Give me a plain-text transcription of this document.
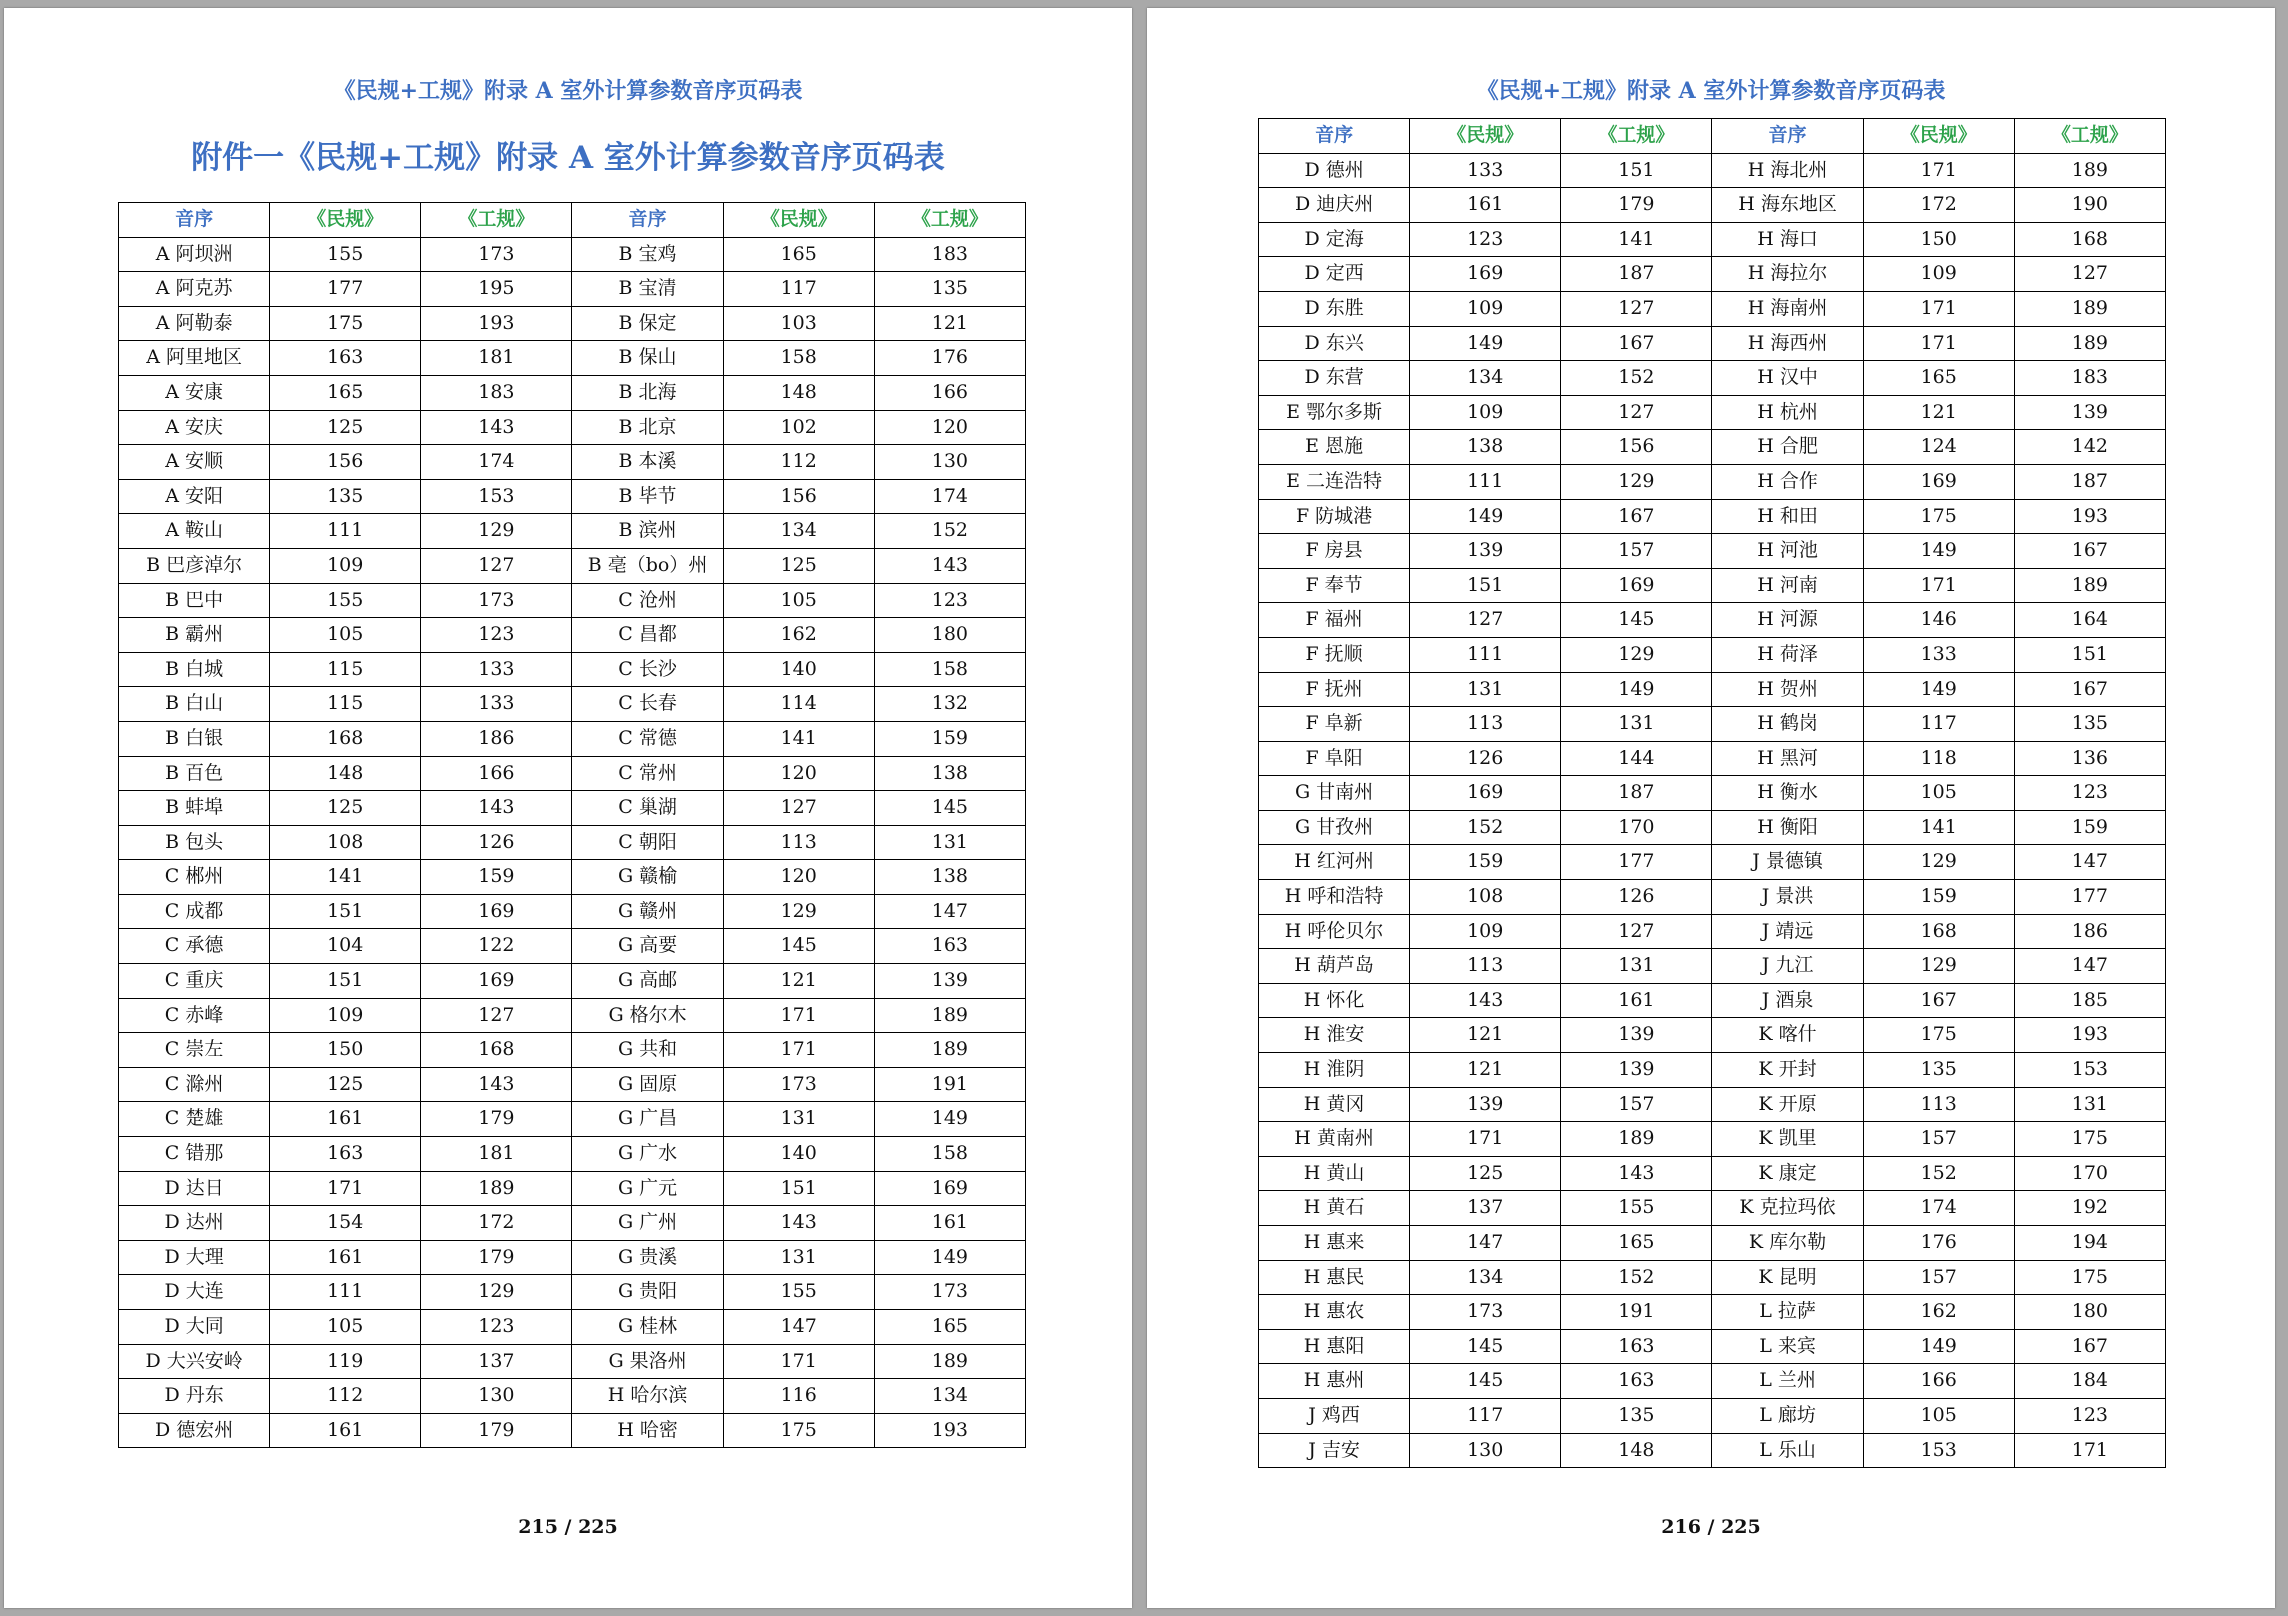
《民规+工规》附录 A 室外计算参数音序页码表
附件一《民规+工规》附录 A 室外计算参数音序页码表
音序	《民规》	《工规》	音序	《民规》	《工规》
A 阿坝洲	155	173	B 宝鸡	165	183
A 阿克苏	177	195	B 宝清	117	135
A 阿勒泰	175	193	B 保定	103	121
A 阿里地区	163	181	B 保山	158	176
A 安康	165	183	B 北海	148	166
A 安庆	125	143	B 北京	102	120
A 安顺	156	174	B 本溪	112	130
A 安阳	135	153	B 毕节	156	174
A 鞍山	111	129	B 滨州	134	152
B 巴彦淖尔	109	127	B 亳（bo）州	125	143
B 巴中	155	173	C 沧州	105	123
B 霸州	105	123	C 昌都	162	180
B 白城	115	133	C 长沙	140	158
B 白山	115	133	C 长春	114	132
B 白银	168	186	C 常德	141	159
B 百色	148	166	C 常州	120	138
B 蚌埠	125	143	C 巢湖	127	145
B 包头	108	126	C 朝阳	113	131
C 郴州	141	159	G 赣榆	120	138
C 成都	151	169	G 赣州	129	147
C 承德	104	122	G 高要	145	163
C 重庆	151	169	G 高邮	121	139
C 赤峰	109	127	G 格尔木	171	189
C 崇左	150	168	G 共和	171	189
C 滁州	125	143	G 固原	173	191
C 楚雄	161	179	G 广昌	131	149
C 错那	163	181	G 广水	140	158
D 达日	171	189	G 广元	151	169
D 达州	154	172	G 广州	143	161
D 大理	161	179	G 贵溪	131	149
D 大连	111	129	G 贵阳	155	173
D 大同	105	123	G 桂林	147	165
D 大兴安岭	119	137	G 果洛州	171	189
D 丹东	112	130	H 哈尔滨	116	134
D 德宏州	161	179	H 哈密	175	193
215 / 225
《民规+工规》附录 A 室外计算参数音序页码表
音序	《民规》	《工规》	音序	《民规》	《工规》
D 德州	133	151	H 海北州	171	189
D 迪庆州	161	179	H 海东地区	172	190
D 定海	123	141	H 海口	150	168
D 定西	169	187	H 海拉尔	109	127
D 东胜	109	127	H 海南州	171	189
D 东兴	149	167	H 海西州	171	189
D 东营	134	152	H 汉中	165	183
E 鄂尔多斯	109	127	H 杭州	121	139
E 恩施	138	156	H 合肥	124	142
E 二连浩特	111	129	H 合作	169	187
F 防城港	149	167	H 和田	175	193
F 房县	139	157	H 河池	149	167
F 奉节	151	169	H 河南	171	189
F 福州	127	145	H 河源	146	164
F 抚顺	111	129	H 荷泽	133	151
F 抚州	131	149	H 贺州	149	167
F 阜新	113	131	H 鹤岗	117	135
F 阜阳	126	144	H 黑河	118	136
G 甘南州	169	187	H 衡水	105	123
G 甘孜州	152	170	H 衡阳	141	159
H 红河州	159	177	J 景德镇	129	147
H 呼和浩特	108	126	J 景洪	159	177
H 呼伦贝尔	109	127	J 靖远	168	186
H 葫芦岛	113	131	J 九江	129	147
H 怀化	143	161	J 酒泉	167	185
H 淮安	121	139	K 喀什	175	193
H 淮阴	121	139	K 开封	135	153
H 黄冈	139	157	K 开原	113	131
H 黄南州	171	189	K 凯里	157	175
H 黄山	125	143	K 康定	152	170
H 黄石	137	155	K 克拉玛依	174	192
H 惠来	147	165	K 库尔勒	176	194
H 惠民	134	152	K 昆明	157	175
H 惠农	173	191	L 拉萨	162	180
H 惠阳	145	163	L 来宾	149	167
H 惠州	145	163	L 兰州	166	184
J 鸡西	117	135	L 廊坊	105	123
J 吉安	130	148	L 乐山	153	171
216 / 225
